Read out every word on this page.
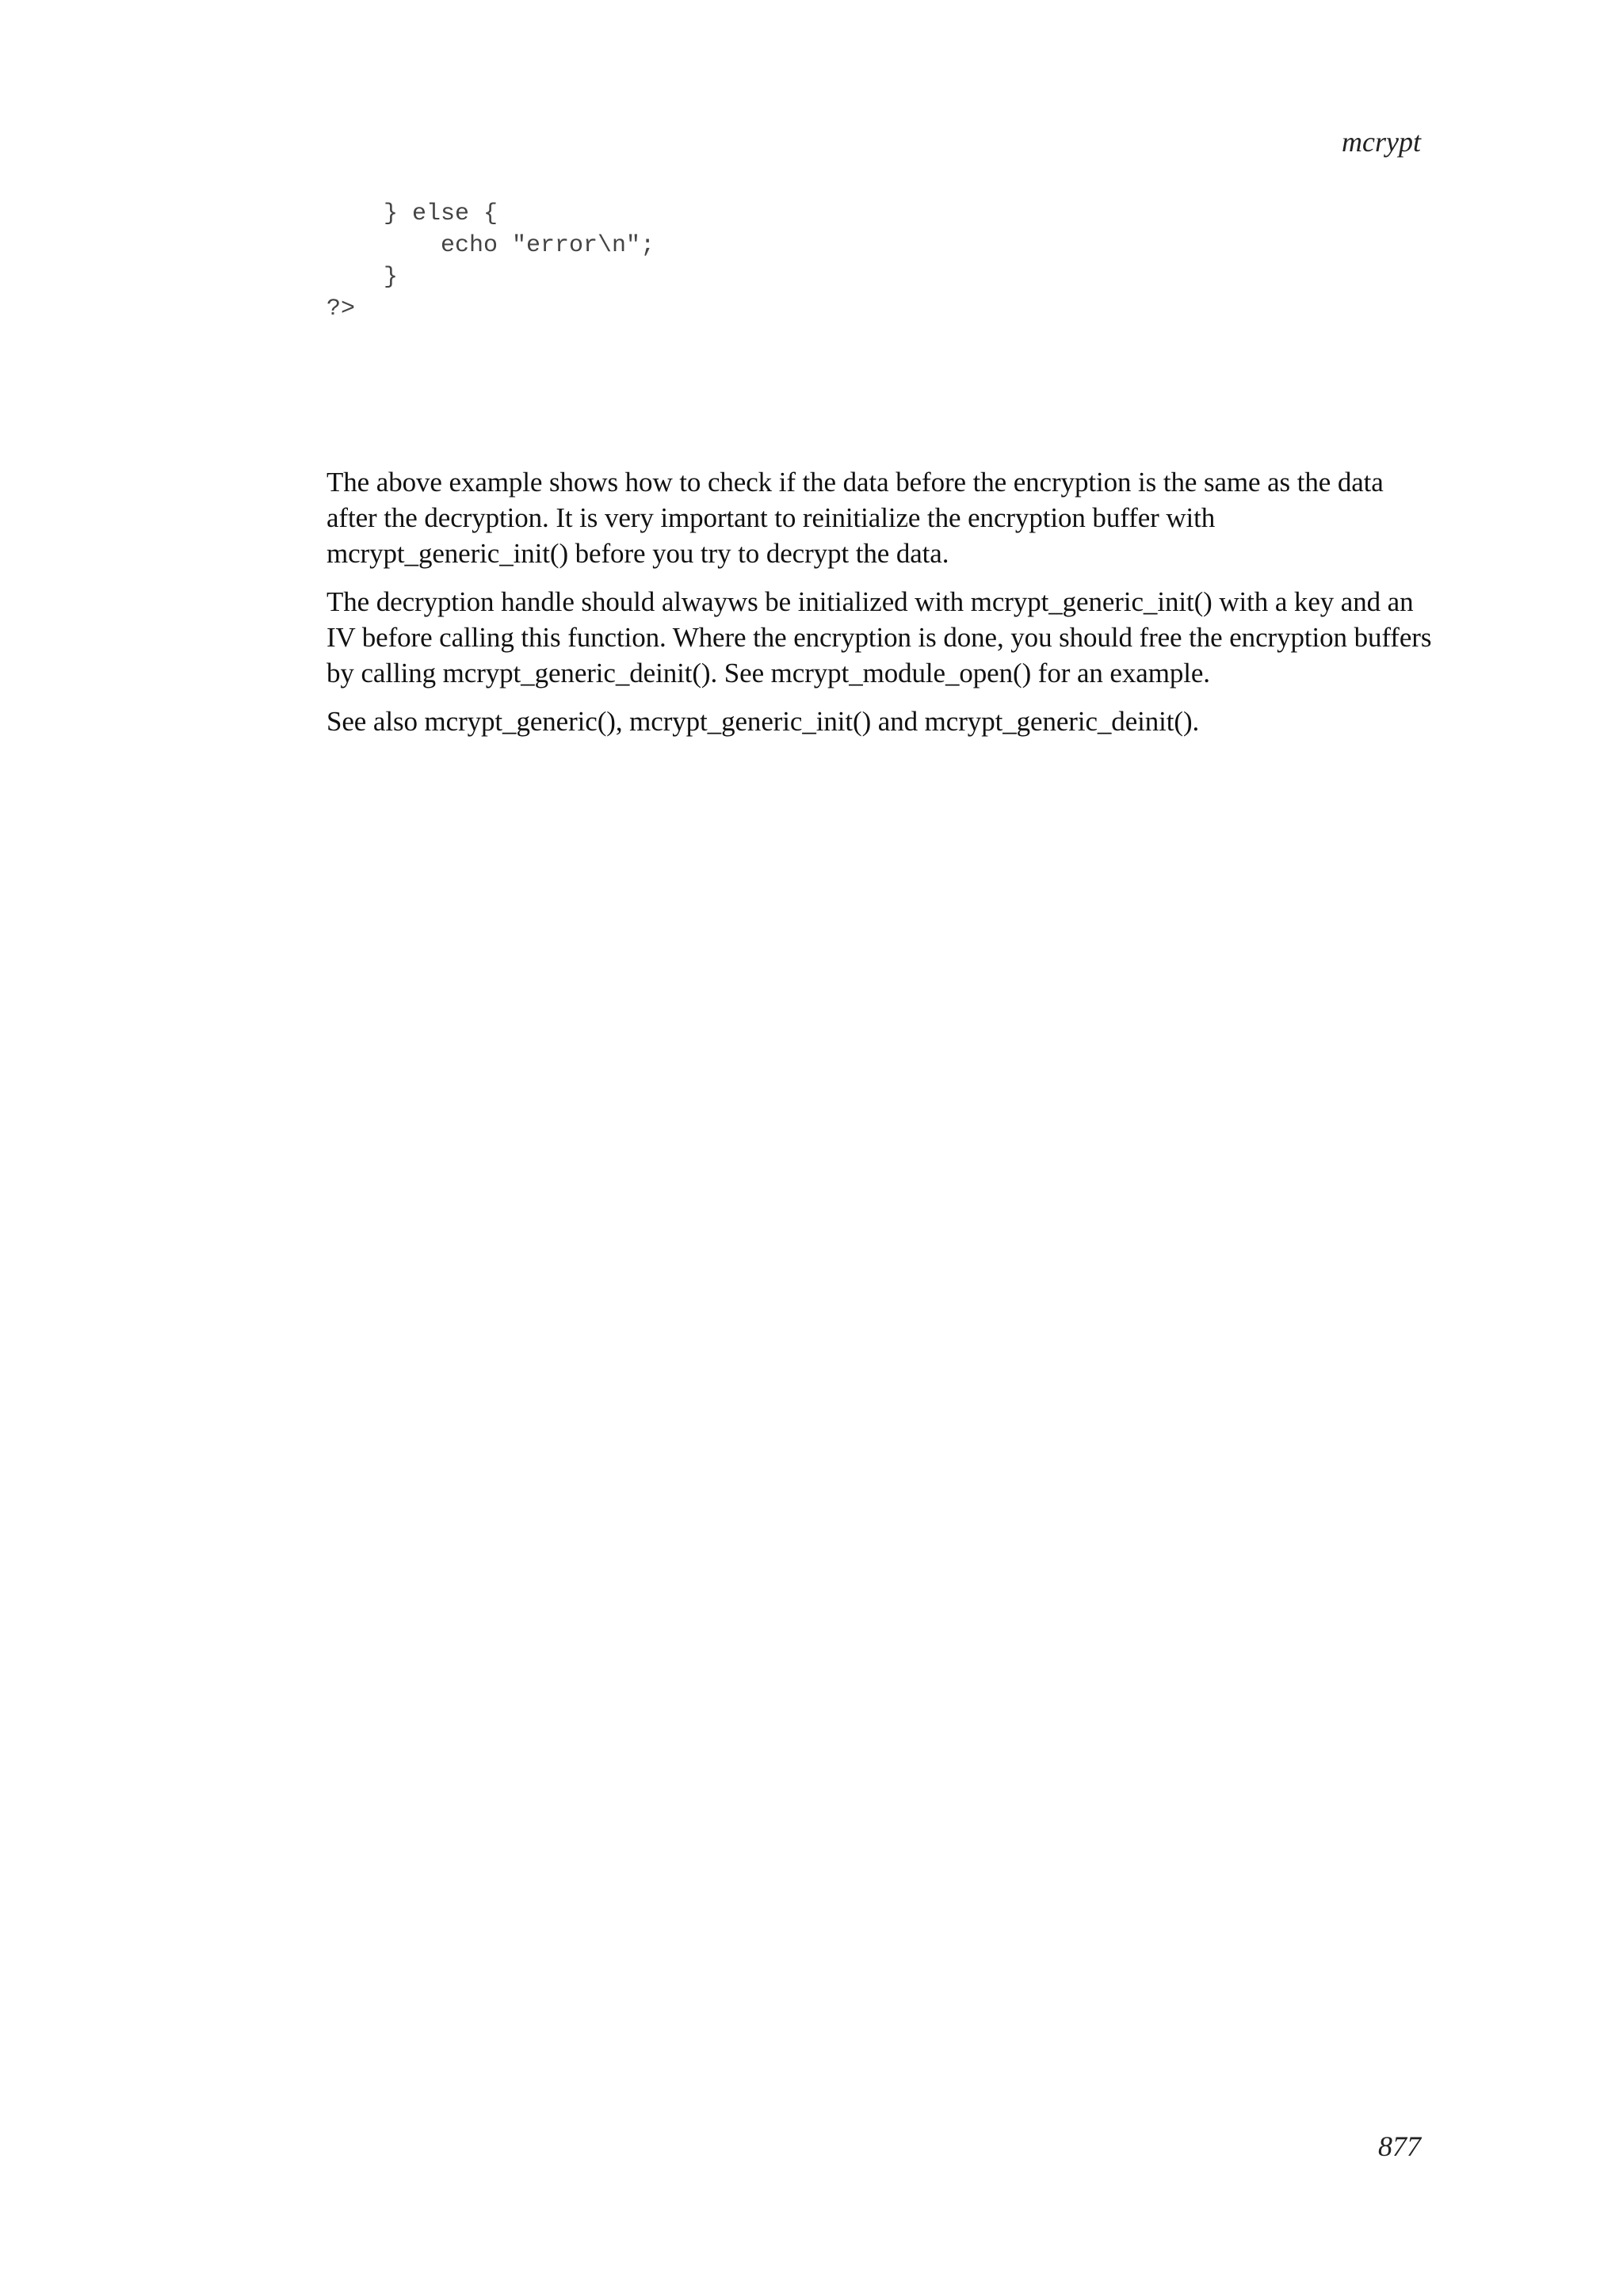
mcrypt
} else {
echo "error\n";
}
?>

The above example shows how to check if the data before the encryption is the same as the data after the decryption. It is very important to reinitialize the encryption buffer with mcrypt_generic_init() before you try to decrypt the data.

The decryption handle should alwayws be initialized with mcrypt_generic_init() with a key and an IV before calling this function. Where the encryption is done, you should free the encryption buffers by calling mcrypt_generic_deinit(). See mcrypt_module_open() for an example.

See also mcrypt_generic(), mcrypt_generic_init() and mcrypt_generic_deinit().

877
